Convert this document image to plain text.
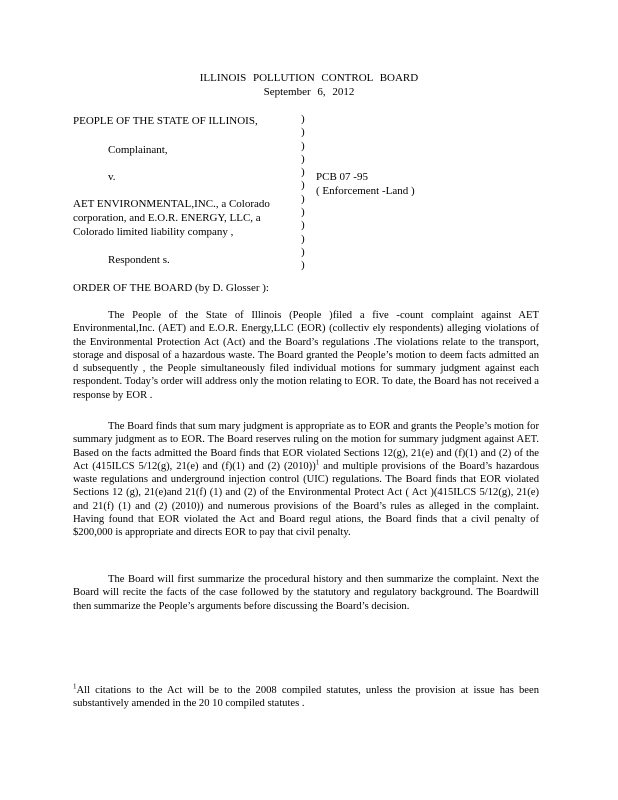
ILLINOIS POLLUTION CONTROL BOARD
September 6, 2012
PEOPLE OF THE STATE OF ILLINOIS,
Complainant,
v.
AET ENVIRONMENTAL,INC., a Colorado
corporation, and E.O.R. ENERGY, LLC, a
Colorado limited liability company ,
Respondent s.
)
)
)
)
)
)
)
)
)
)
)
)
PCB 07 -95
( Enforcement -Land )
ORDER OF THE BOARD (by D. Glosser ):
The People of the State of Illinois (People )filed a five -count complaint against AET Environmental,Inc. (AET) and E.O.R. Energy,LLC (EOR) (collectiv ely respondents) alleging violations of the Environmental Protection Act (Act) and the Board’s regulations .The violations relate to the transport, storage and disposal of a hazardous waste. The Board granted the People’s motion to deem facts admitted an d subsequently , the People simultaneously filed individual motions for summary judgment against each respondent. Today’s order will address only the motion relating to EOR. To date, the Board has not received a response by EOR .
The Board finds that sum mary judgment is appropriate as to EOR and grants the People’s motion for summary judgment as to EOR. The Board reserves ruling on the motion for summary judgment against AET. Based on the facts admitted the Board finds that EOR violated Sections 12(g), 21(e) and (f)(1) and (2) of the Act (415ILCS 5/12(g), 21(e) and (f)(1) and (2) (2010))$^1$ and multiple provisions of the Board’s hazardous waste regulations and underground injection control (UIC) regulations. The Board finds that EOR violated Sections 12 (g), 21(e)and 21(f) (1) and (2) of the Environmental Protect Act ( Act )(415ILCS 5/12(g), 21(e) and 21(f) (1) and (2) (2010)) and numerous provisions of the Board’s rules as alleged in the complaint. Having found that EOR violated the Act and Board regul ations, the Board finds that a civil penalty of $200,000 is appropriate and directs EOR to pay that civil penalty.
The Board will first summarize the procedural history and then summarize the complaint. Next the Board will recite the facts of the case followed by the statutory and regulatory background. The Boardwill then summarize the People’s arguments before discussing the Board’s decision.
$^1$All citations to the Act will be to the 2008 compiled statutes, unless the provision at issue has been substantively amended in the 20 10 compiled statutes .
